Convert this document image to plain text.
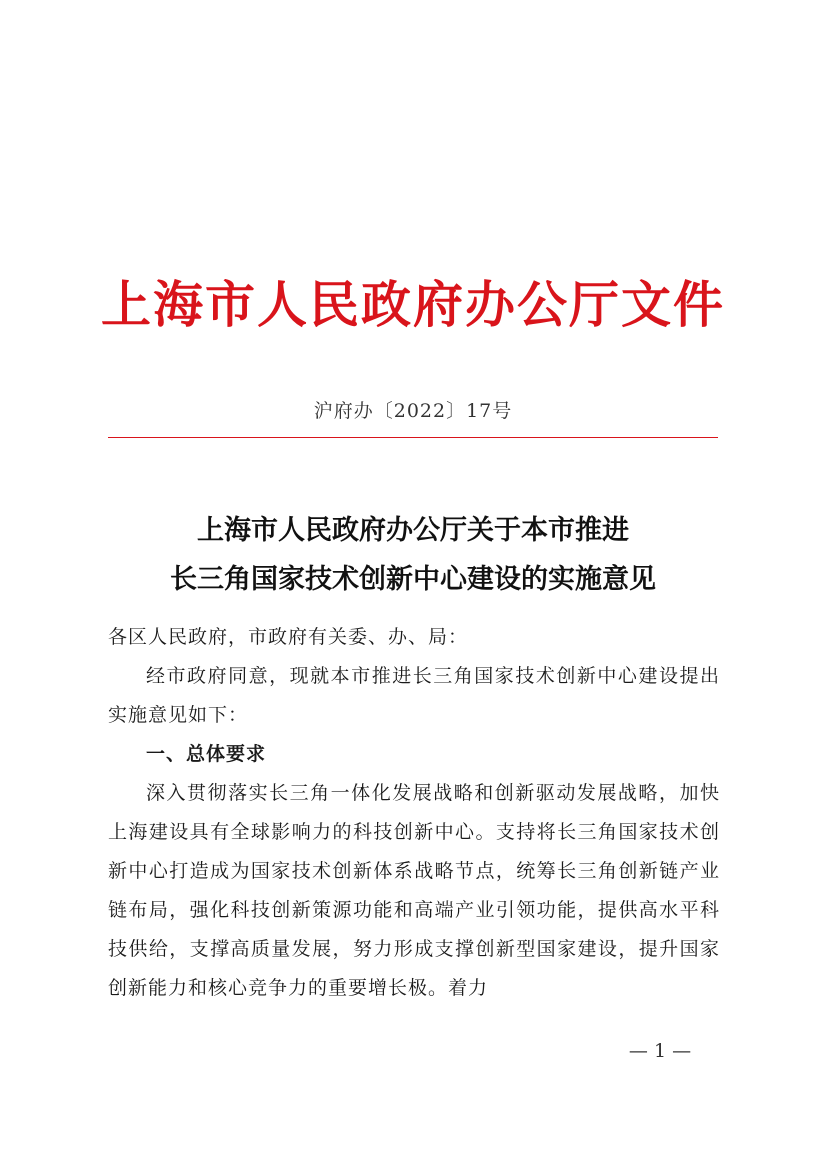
上海市人民政府办公厅文件
沪府办〔2022〕17号
上海市人民政府办公厅关于本市推进
长三角国家技术创新中心建设的实施意见
各区人民政府，市政府有关委、办、局：
经市政府同意，现就本市推进长三角国家技术创新中心建设提出实施意见如下：
一、总体要求
深入贯彻落实长三角一体化发展战略和创新驱动发展战略，加快上海建设具有全球影响力的科技创新中心。支持将长三角国家技术创新中心打造成为国家技术创新体系战略节点，统筹长三角创新链产业链布局，强化科技创新策源功能和高端产业引领功能，提供高水平科技供给，支撑高质量发展，努力形成支撑创新型国家建设，提升国家创新能力和核心竞争力的重要增长极。着力
— 1 —
